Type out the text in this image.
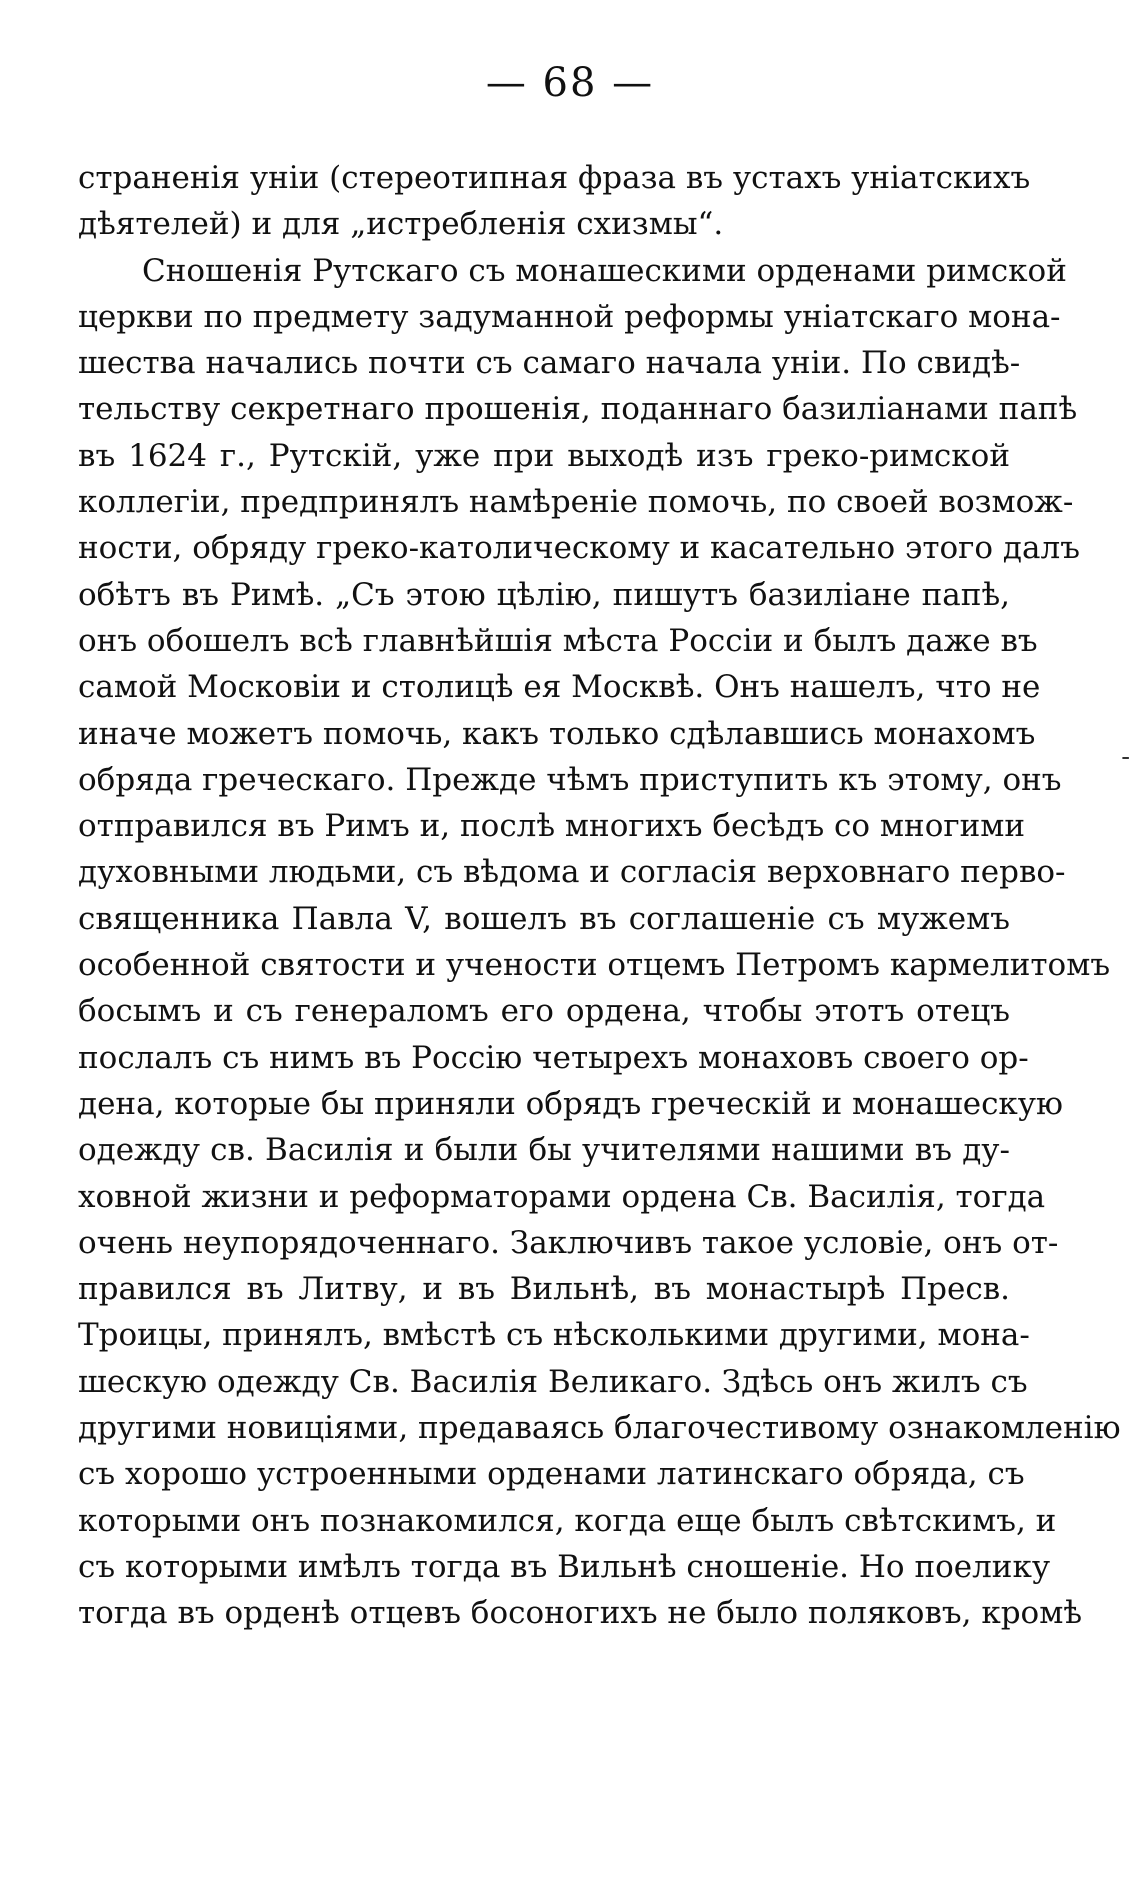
— 68 —
страненія уніи (стереотипная фраза въ устахъ уніатскихъ
дѣятелей) и для „истребленія схизмы“.
Сношенія Рутскаго съ монашескими орденами римской
церкви по предмету задуманной реформы уніатскаго мона-
шества начались почти съ самаго начала уніи. По свидѣ-
тельству секретнаго прошенія, поданнаго базиліанами папѣ
въ 1624 г., Рутскій, уже при выходѣ изъ греко-римской
коллегіи, предпринялъ намѣреніе помочь, по своей возмож-
ности, обряду греко-католическому и касательно этого далъ
обѣтъ въ Римѣ. „Съ этою цѣлію, пишутъ базиліане папѣ,
онъ обошелъ всѣ главнѣйшія мѣста Россіи и былъ даже въ
самой Московіи и столицѣ ея Москвѣ. Онъ нашелъ, что не
иначе можетъ помочь, какъ только сдѣлавшись монахомъ
обряда греческаго. Прежде чѣмъ приступить къ этому, онъ
отправился въ Римъ и, послѣ многихъ бесѣдъ со многими
духовными людьми, съ вѣдома и согласія верховнаго перво-
священника Павла V, вошелъ въ соглашеніе съ мужемъ
особенной святости и учености отцемъ Петромъ кармелитомъ
босымъ и съ генераломъ его ордена, чтобы этотъ отецъ
послалъ съ нимъ въ Россію четырехъ монаховъ своего ор-
дена, которые бы приняли обрядъ греческій и монашескую
одежду св. Василія и были бы учителями нашими въ ду-
ховной жизни и реформаторами ордена Св. Василія, тогда
очень неупорядоченнаго. Заключивъ такое условіе, онъ от-
правился въ Литву, и въ Вильнѣ, въ монастырѣ Пресв.
Троицы, принялъ, вмѣстѣ съ нѣсколькими другими, мона-
шескую одежду Св. Василія Великаго. Здѣсь онъ жилъ съ
другими новиціями, предаваясь благочестивому ознакомленію
съ хорошо устроенными орденами латинскаго обряда, съ
которыми онъ познакомился, когда еще былъ свѣтскимъ, и
съ которыми имѣлъ тогда въ Вильнѣ сношеніе. Но поелику
тогда въ орденѣ отцевъ босоногихъ не было поляковъ, кромѣ
-
